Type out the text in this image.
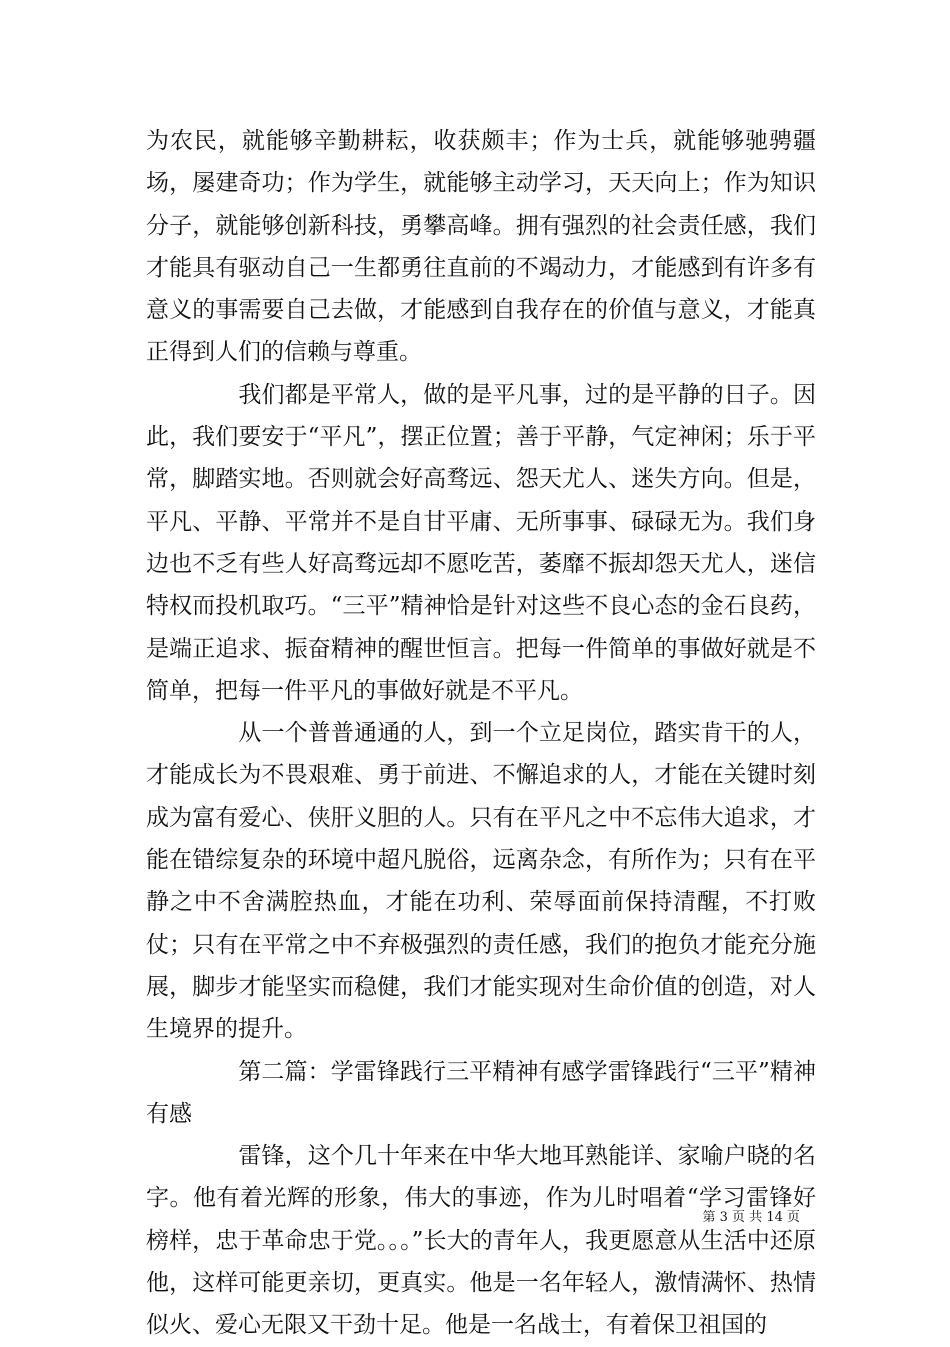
为农民，就能够辛勤耕耘，收获颇丰；作为士兵，就能够驰骋疆场，屡建奇功；作为学生，就能够主动学习，天天向上；作为知识分子，就能够创新科技，勇攀高峰。拥有强烈的社会责任感，我们才能具有驱动自己一生都勇往直前的不竭动力，才能感到有许多有意义的事需要自己去做，才能感到自我存在的价值与意义，才能真正得到人们的信赖与尊重。

　　　　我们都是平常人，做的是平凡事，过的是平静的日子。因此，我们要安于“平凡”，摆正位置；善于平静，气定神闲；乐于平常，脚踏实地。否则就会好高骛远、怨天尤人、迷失方向。但是，平凡、平静、平常并不是自甘平庸、无所事事、碌碌无为。我们身边也不乏有些人好高骛远却不愿吃苦，萎靡不振却怨天尤人，迷信特权而投机取巧。“三平”精神恰是针对这些不良心态的金石良药，是端正追求、振奋精神的醒世恒言。把每一件简单的事做好就是不简单，把每一件平凡的事做好就是不平凡。

　　　　从一个普普通通的人，到一个立足岗位，踏实肯干的人，才能成长为不畏艰难、勇于前进、不懈追求的人，才能在关键时刻成为富有爱心、侠肝义胆的人。只有在平凡之中不忘伟大追求，才能在错综复杂的环境中超凡脱俗，远离杂念，有所作为；只有在平静之中不舍满腔热血，才能在功利、荣辱面前保持清醒，不打败仗；只有在平常之中不弃极强烈的责任感，我们的抱负才能充分施展，脚步才能坚实而稳健，我们才能实现对生命价值的创造，对人生境界的提升。

　　　　第二篇：学雷锋践行三平精神有感学雷锋践行“三平”精神有感

　　　　雷锋，这个几十年来在中华大地耳熟能详、家喻户晓的名字。他有着光辉的形象，伟大的事迹，作为儿时唱着“学习雷锋好榜样，忠于革命忠于党。。。”长大的青年人，我更愿意从生活中还原他，这样可能更亲切，更真实。他是一名年轻人，激情满怀、热情似火、爱心无限又干劲十足。他是一名战士，有着保卫祖国的

第 3 页 共 14 页
